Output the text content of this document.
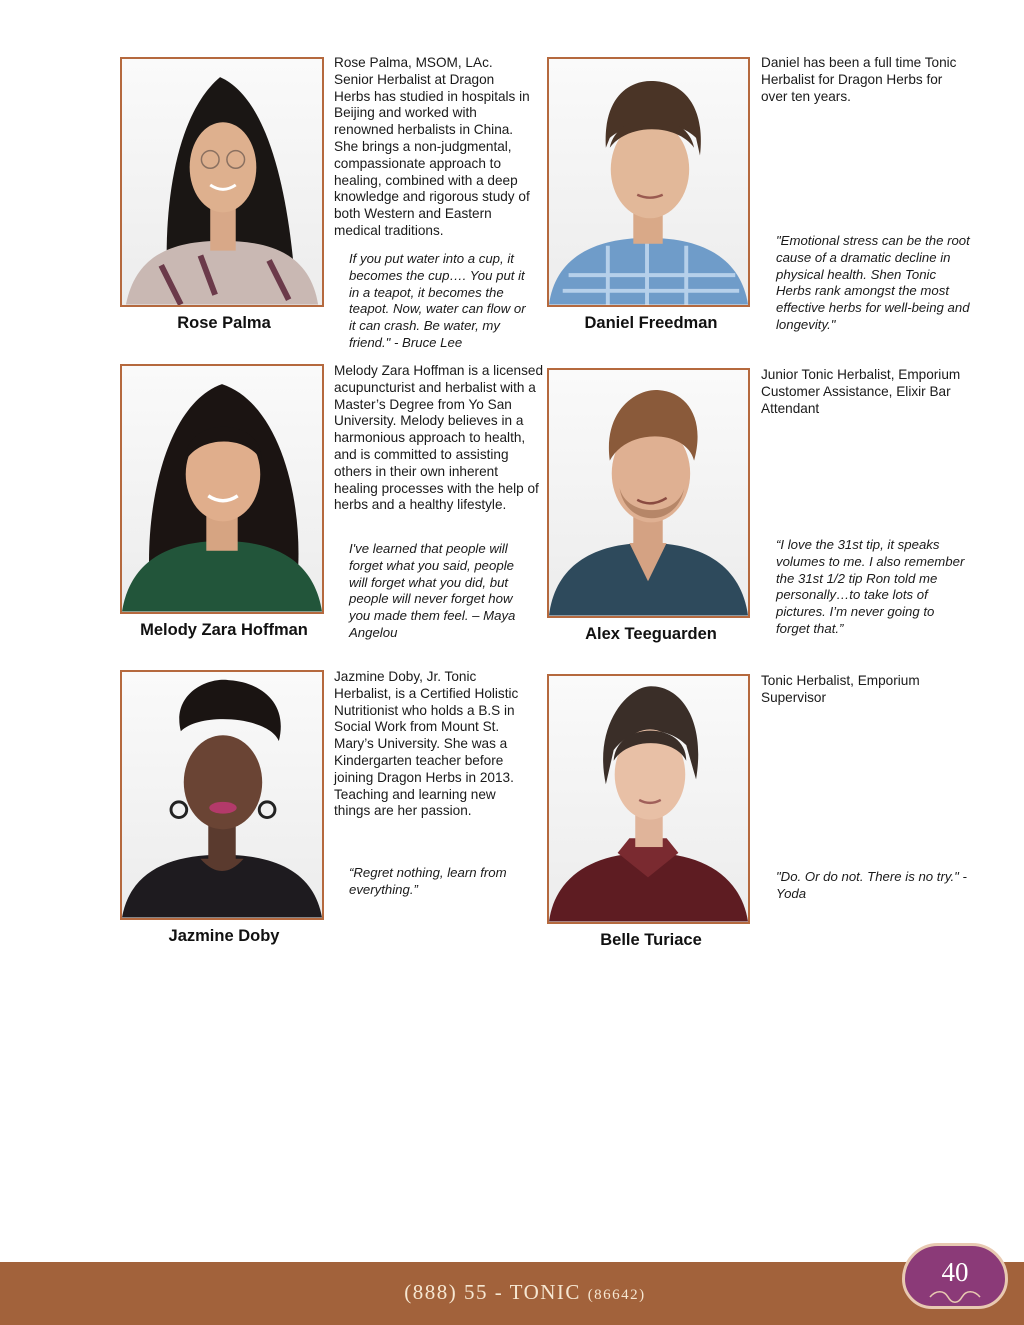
Rose Palma
Rose Palma, MSOM, LAc. Senior Herbalist at Dragon Herbs has studied in hospitals in Beijing and worked with renowned herbalists in China. She brings a non-judgmental, compassionate approach to healing, combined with a deep knowledge and rigorous study of both Western and Eastern medical traditions.
If you put water into a cup, it becomes the cup…. You put it in a teapot, it becomes the teapot. Now, water can flow or it can crash. Be water, my friend." - Bruce Lee
Daniel Freedman
Daniel has been a full time Tonic Herbalist for Dragon Herbs for over ten years.
"Emotional stress can be the root cause of a dramatic decline in physical health. Shen Tonic Herbs rank amongst the most effective herbs for well-being and longevity."
Melody Zara Hoffman
Melody Zara Hoffman is a licensed acupuncturist and herbalist with a Master’s Degree from Yo San University. Melody believes in a harmonious approach to health, and is committed to assisting others in their own inherent healing processes with the help of herbs and a healthy lifestyle.
I've learned that people will forget what you said, people will forget what you did, but people will never forget how you made them feel. – Maya Angelou	Alex Teeguarden
Junior Tonic Herbalist, Emporium Customer Assistance, Elixir Bar Attendant
“I love the 31st tip, it speaks volumes to me. I also remember the 31st 1/2 tip Ron told me personally…to take lots of pictures. I’m never going to forget that.”
Jazmine Doby
Jazmine Doby, Jr. Tonic Herbalist, is a Certified Holistic Nutritionist who holds a B.S in Social Work from Mount St. Mary’s University. She was a Kindergarten teacher before joining Dragon Herbs in 2013. Teaching and learning new things are her passion.
“Regret nothing, learn from everything.”
Belle Turiace
Tonic Herbalist, Emporium Supervisor
"Do. Or do not. There is no try." - Yoda
(888) 55 - TONIC (86642)
40
